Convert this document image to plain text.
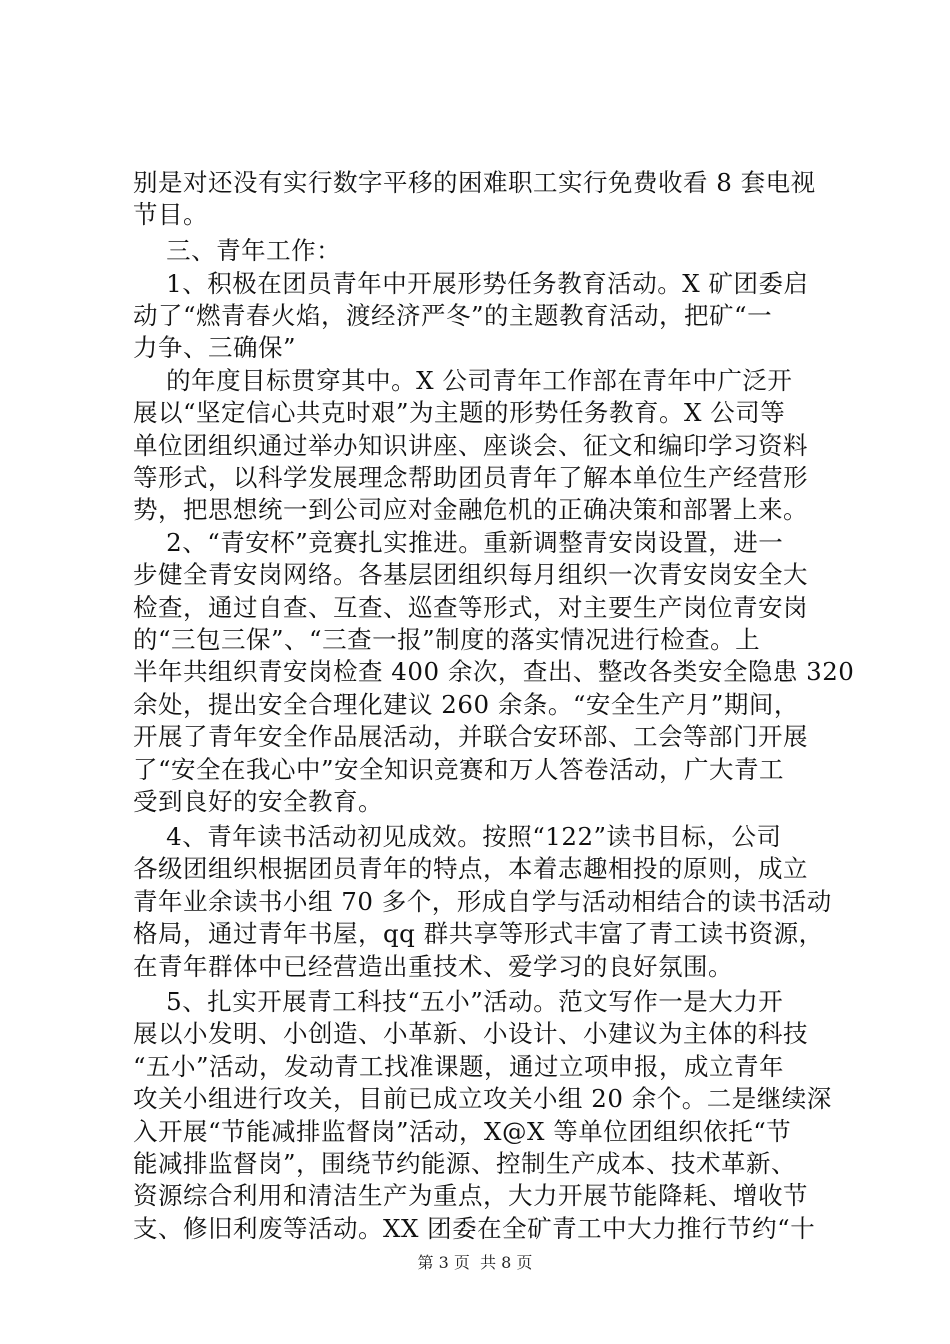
别是对还没有实行数字平移的困难职工实行免费收看 8 套电视
节目。
三、青年工作：
1、积极在团员青年中开展形势任务教育活动。X 矿团委启
动了“燃青春火焰，渡经济严冬”的主题教育活动，把矿“一
力争、三确保”
的年度目标贯穿其中。X 公司青年工作部在青年中广泛开
展以“坚定信心共克时艰”为主题的形势任务教育。X 公司等
单位团组织通过举办知识讲座、座谈会、征文和编印学习资料
等形式，以科学发展理念帮助团员青年了解本单位生产经营形
势，把思想统一到公司应对金融危机的正确决策和部署上来。
2、“青安杯”竞赛扎实推进。重新调整青安岗设置，进一
步健全青安岗网络。各基层团组织每月组织一次青安岗安全大
检查，通过自查、互查、巡查等形式，对主要生产岗位青安岗
的“三包三保”、“三查一报”制度的落实情况进行检查。上
半年共组织青安岗检查 400 余次，查出、整改各类安全隐患 320
余处，提出安全合理化建议 260 余条。“安全生产月”期间，
开展了青年安全作品展活动，并联合安环部、工会等部门开展
了“安全在我心中”安全知识竞赛和万人答卷活动，广大青工
受到良好的安全教育。
4、青年读书活动初见成效。按照“122”读书目标，公司
各级团组织根据团员青年的特点，本着志趣相投的原则，成立
青年业余读书小组 70 多个，形成自学与活动相结合的读书活动
格局，通过青年书屋，qq 群共享等形式丰富了青工读书资源，
在青年群体中已经营造出重技术、爱学习的良好氛围。
5、扎实开展青工科技“五小”活动。范文写作一是大力开
展以小发明、小创造、小革新、小设计、小建议为主体的科技
“五小”活动，发动青工找准课题，通过立项申报，成立青年
攻关小组进行攻关，目前已成立攻关小组 20 余个。二是继续深
入开展“节能减排监督岗”活动，X@X 等单位团组织依托“节
能减排监督岗”，围绕节约能源、控制生产成本、技术革新、
资源综合利用和清洁生产为重点，大力开展节能降耗、增收节
支、修旧利废等活动。XX 团委在全矿青工中大力推行节约“十
第 3 页  共 8 页
